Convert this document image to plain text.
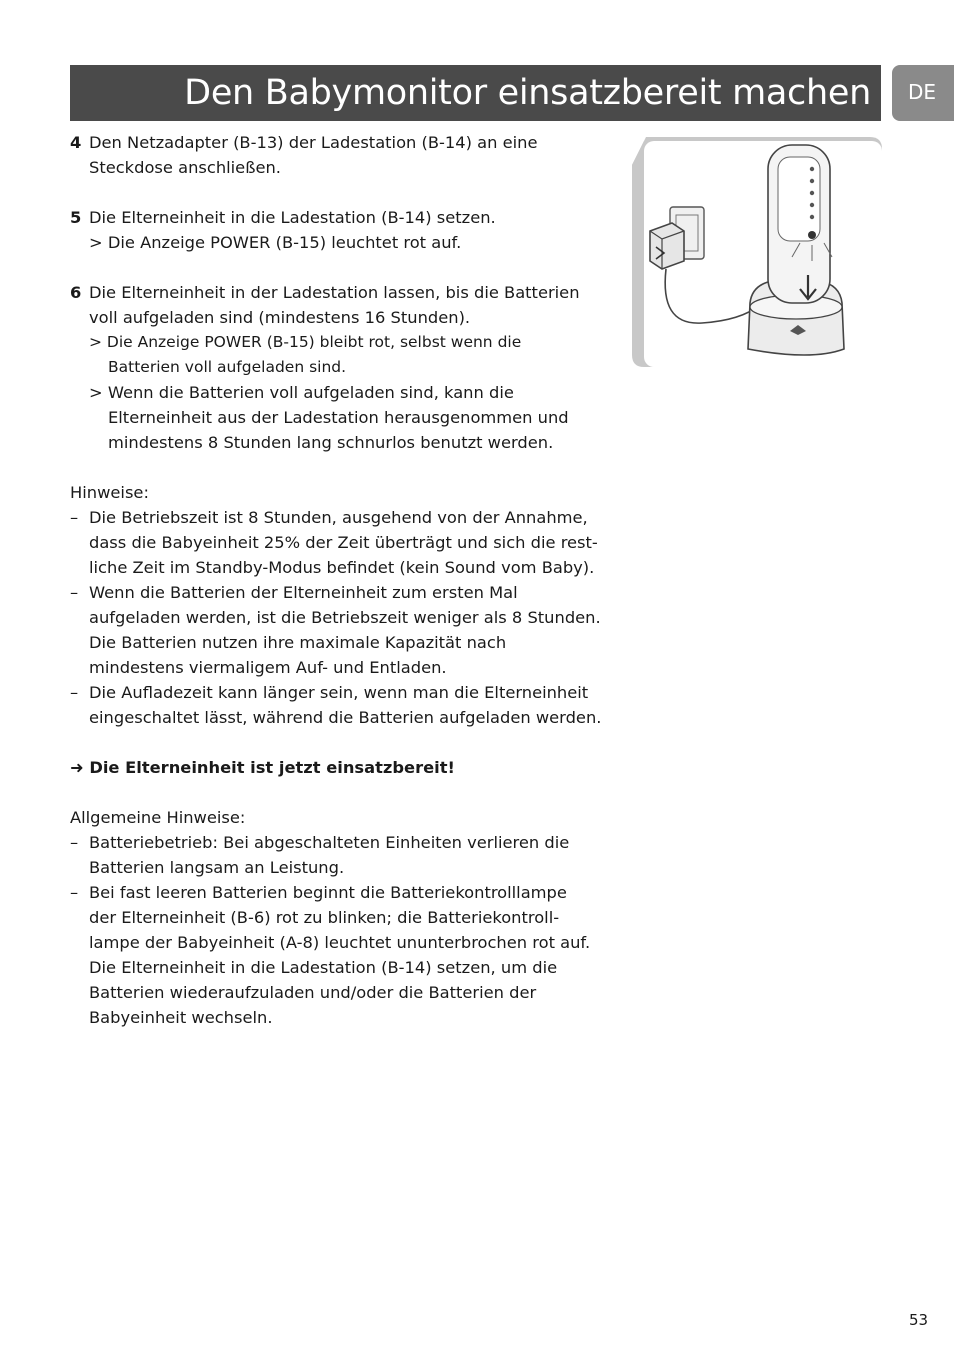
Den Babymonitor einsatzbereit machen DE
4 Den Netzadapter (B-13) der Ladestation (B-14) an eine
Steckdose anschließen.
5 Die Elterneinheit in die Ladestation (B-14) setzen.
> Die Anzeige POWER (B-15) leuchtet rot auf.
6 Die Elterneinheit in der Ladestation lassen, bis die Batterien
voll aufgeladen sind (mindestens 16 Stunden).
> Die Anzeige POWER (B-15) bleibt rot, selbst wenn die
Batterien voll aufgeladen sind.
> Wenn die Batterien voll aufgeladen sind, kann die
Elterneinheit aus der Ladestation herausgenommen und
mindestens 8 Stunden lang schnurlos benutzt werden.
Hinweise:
– Die Betriebszeit ist 8 Stunden, ausgehend von der Annahme,
dass die Babyeinheit 25% der Zeit überträgt und sich die rest-
liche Zeit im Standby-Modus befindet (kein Sound vom Baby).
– Wenn die Batterien der Elterneinheit zum ersten Mal
aufgeladen werden, ist die Betriebszeit weniger als 8 Stunden.
Die Batterien nutzen ihre maximale Kapazität nach
mindestens viermaligem Auf- und Entladen.
– Die Aufladezeit kann länger sein, wenn man die Elterneinheit
eingeschaltet lässt, während die Batterien aufgeladen werden.
➜ Die Elterneinheit ist jetzt einsatzbereit!
Allgemeine Hinweise:
– Batteriebetrieb: Bei abgeschalteten Einheiten verlieren die
Batterien langsam an Leistung.
– Bei fast leeren Batterien beginnt die Batteriekontrolllampe
der Elterneinheit (B-6) rot zu blinken; die Batteriekontroll-
lampe der Babyeinheit (A-8) leuchtet ununterbrochen rot auf.
Die Elterneinheit in die Ladestation (B-14) setzen, um die
Batterien wiederaufzuladen und/oder die Batterien der
Babyeinheit wechseln.
53
